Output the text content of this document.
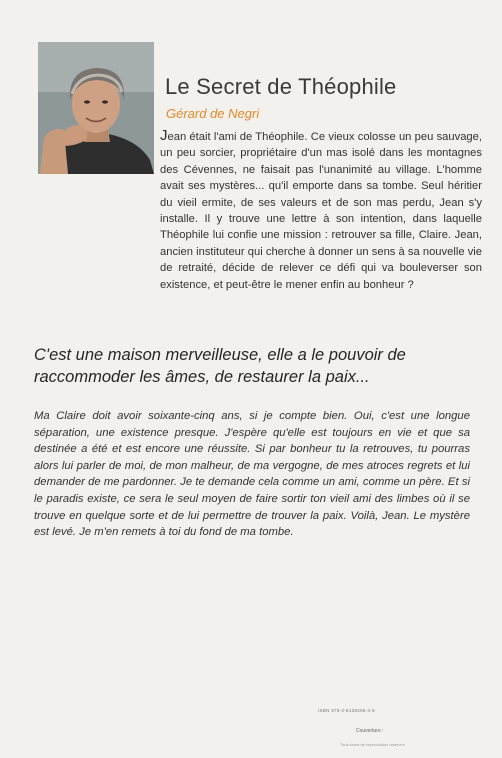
Le Secret de Théophile
Gérard de Negri
Jean était l'ami de Théophile. Ce vieux colosse un peu sauvage, un peu sorcier, propriétaire d'un mas isolé dans les montagnes des Cévennes, ne faisait pas l'unanimité au village. L'homme avait ses mystères... qu'il emporte dans sa tombe. Seul héritier du vieil ermite, de ses valeurs et de son mas perdu, Jean s'y installe. Il y trouve une lettre à son intention, dans laquelle Théophile lui confie une mission : retrouver sa fille, Claire. Jean, ancien instituteur qui cherche à donner un sens à sa nouvelle vie de retraité, décide de relever ce défi qui va bouleverser son existence, et peut-être le mener enfin au bonheur ?
C'est une maison merveilleuse, elle a le pouvoir de raccommoder les âmes, de restaurer la paix...
Ma Claire doit avoir soixante-cinq ans, si je compte bien. Oui, c'est une longue séparation, une existence presque. J'espère qu'elle est toujours en vie et que sa destinée a été et est encore une réussite. Si par bonheur tu la retrouves, tu pourras alors lui parler de moi, de mon malheur, de ma vergogne, de mes atroces regrets et lui demander de me pardonner. Je te demande cela comme un ami, comme un père. Et si le paradis existe, ce sera le seul moyen de faire sortir ton vieil ami des limbes où il se trouve en quelque sorte et de lui permettre de trouver la paix. Voilà, Jean. Le mystère est levé. Je m'en remets à toi du fond de ma tombe.
ISBN 978-2-8139266-4-6
Couverture :
Tous droits de reproduction réservés
